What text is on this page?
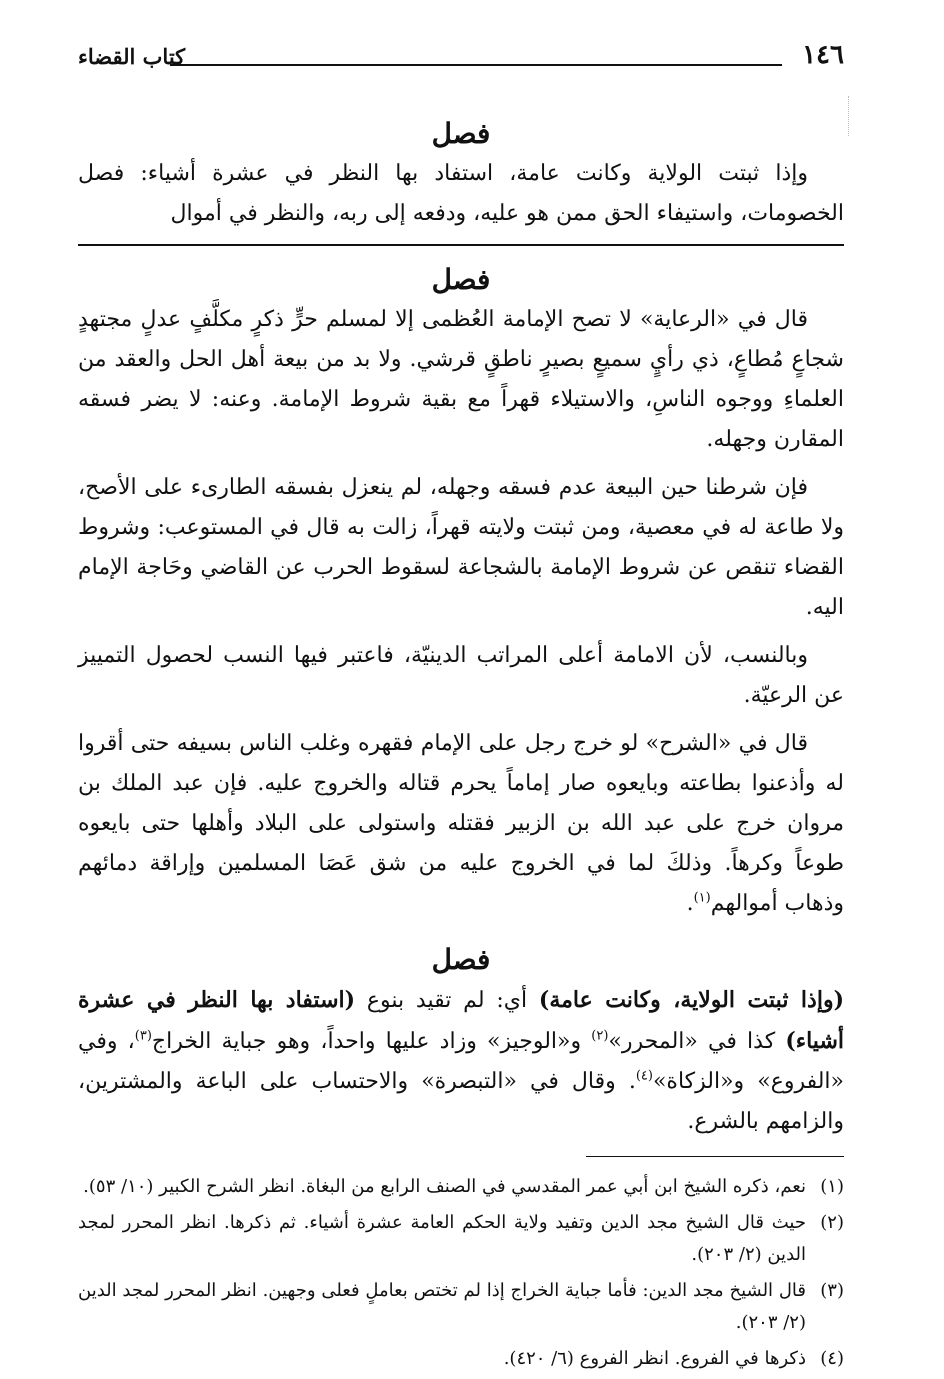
١٤٦
كتاب القضاء
فصل

وإذا ثبتت الولاية وكانت عامة، استفاد بها النظر في عشرة أشياء: فصل الخصومات، واستيفاء الحق ممن هو عليه، ودفعه إلى ربه، والنظر في أموال

فصل

قال في «الرعاية» لا تصح الإمامة العُظمى إلا لمسلم حرٍّ ذكرٍ مكلَّفٍ عدلٍ مجتهدٍ شجاعٍ مُطاعٍ، ذي رأيٍ سميعٍ بصيرٍ ناطقٍ قرشي. ولا بد من بيعة أهل الحل والعقد من العلماءِ ووجوه الناسِ، والاستيلاء قهراً مع بقية شروط الإمامة. وعنه: لا يضر فسقه المقارن وجهله.

فإن شرطنا حين البيعة عدم فسقه وجهله، لم ينعزل بفسقه الطارىء على الأصح، ولا طاعة له في معصية، ومن ثبتت ولايته قهراً، زالت به قال في المستوعب: وشروط القضاء تنقص عن شروط الإمامة بالشجاعة لسقوط الحرب عن القاضي وحَاجة الإمام اليه.

وبالنسب، لأن الامامة أعلى المراتب الدينيّة، فاعتبر فيها النسب لحصول التمييز عن الرعيّة.

قال في «الشرح» لو خرج رجل على الإمام فقهره وغلب الناس بسيفه حتى أقروا له وأذعنوا بطاعته وبايعوه صار إماماً يحرم قتاله والخروج عليه. فإن عبد الملك بن مروان خرج على عبد الله بن الزبير فقتله واستولى على البلاد وأهلها حتى بايعوه طوعاً وكرهاً. وذلكَ لما في الخروج عليه من شق عَصَا المسلمين وإراقة دمائهم وذهاب أموالهم$^{(١)}$.

فصل

(وإذا ثبتت الولاية، وكانت عامة) أي: لم تقيد بنوع (استفاد بها النظر في عشرة أشياء) كذا في «المحرر»$^{(٢)}$ و«الوجيز» وزاد عليها واحداً، وهو جباية الخراج$^{(٣)}$، وفي «الفروع» و«الزكاة»$^{(٤)}$. وقال في «التبصرة» والاحتساب على الباعة والمشترين، والزامهم بالشرع.

(١)
نعم، ذكره الشيخ ابن أبي عمر المقدسي في الصنف الرابع من البغاة. انظر الشرح الكبير (١٠/ ٥٣).
(٢)
حيث قال الشيخ مجد الدين وتفيد ولاية الحكم العامة عشرة أشياء. ثم ذكرها. انظر المحرر لمجد الدين (٢/ ٢٠٣).
(٣)
قال الشيخ مجد الدين: فأما جباية الخراج إذا لم تختص بعاملٍ فعلى وجهين. انظر المحرر لمجد الدين (٢/ ٢٠٣).
(٤)
ذكرها في الفروع. انظر الفروع (٦/ ٤٢٠).
